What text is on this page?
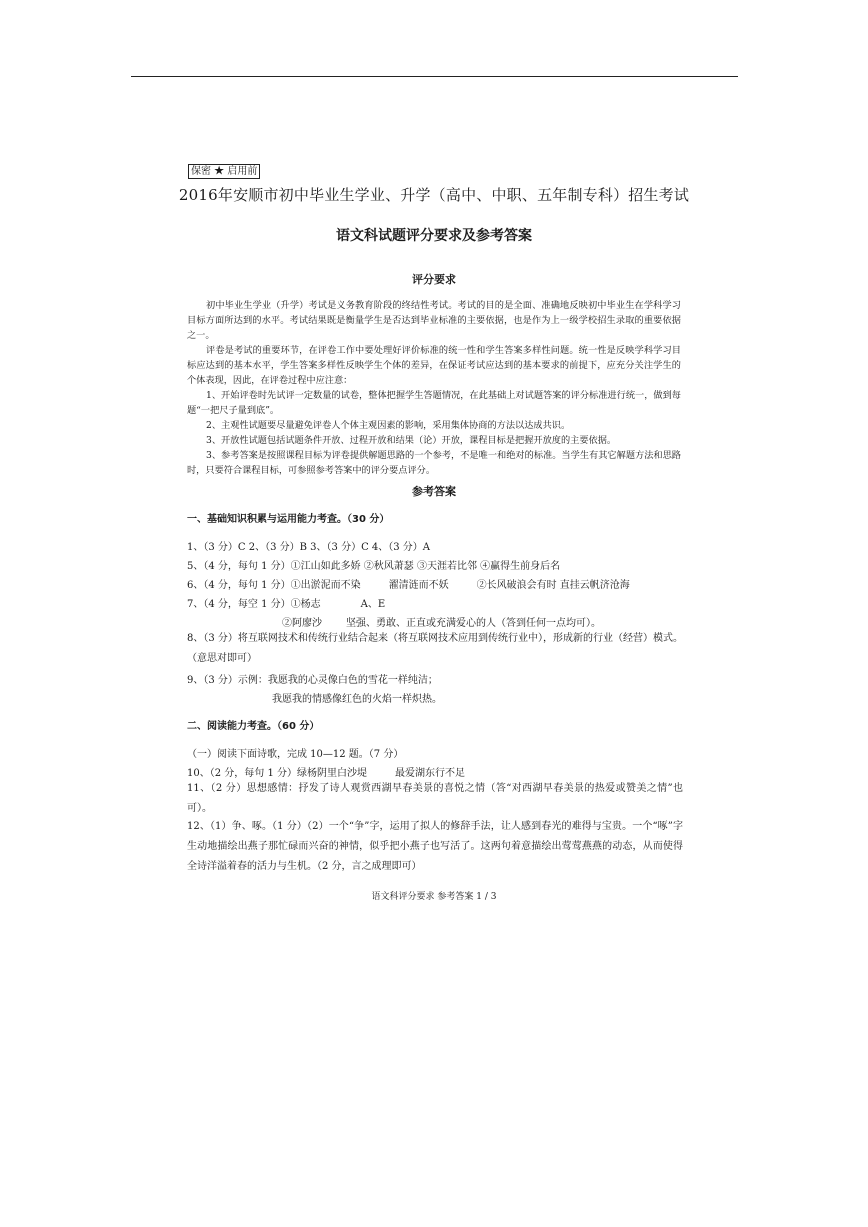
保密 ★ 启用前
2016年安顺市初中毕业生学业、升学（高中、中职、五年制专科）招生考试
语文科试题评分要求及参考答案
评分要求

初中毕业生学业（升学）考试是义务教育阶段的终结性考试。考试的目的是全面、准确地反映初中毕业生在学科学习目标方面所达到的水平。考试结果既是衡量学生是否达到毕业标准的主要依据，也是作为上一级学校招生录取的重要依据之一。

评卷是考试的重要环节，在评卷工作中要处理好评价标准的统一性和学生答案多样性问题。统一性是反映学科学习目标应达到的基本水平，学生答案多样性反映学生个体的差异，在保证考试应达到的基本要求的前提下，应充分关注学生的个体表现，因此，在评卷过程中应注意：

1、开始评卷时先试评一定数量的试卷，整体把握学生答题情况，在此基础上对试题答案的评分标准进行统一，做到每题“一把尺子量到底”。

2、主观性试题要尽量避免评卷人个体主观因素的影响，采用集体协商的方法以达成共识。

3、开放性试题包括试题条件开放、过程开放和结果（论）开放，课程目标是把握开放度的主要依据。

3、参考答案是按照课程目标为评卷提供解题思路的一个参考，不是唯一和绝对的标准。当学生有其它解题方法和思路时，只要符合课程目标，可参照参考答案中的评分要点评分。

参考答案
一、基础知识积累与运用能力考查。（30 分）
1、（3 分）C 2、（3 分）B 3、（3 分）C 4、（3 分）A
5、（4 分，每句 1 分）①江山如此多娇 ②秋风萧瑟 ③天涯若比邻 ④赢得生前身后名
6、（4 分，每句 1 分）①出淤泥而不染	濯清涟而不妖	②长风破浪会有时 直挂云帆济沧海
7、（4 分，每空 1 分）①杨志	A、E
②阿廖沙 坚强、勇敢、正直或充满爱心的人（答到任何一点均可）。

8、（3 分）将互联网技术和传统行业结合起来（将互联网技术应用到传统行业中），形成新的行业（经营）模式。（意思对即可）

9、（3 分）示例：我愿我的心灵像白色的雪花一样纯洁；
我愿我的情感像红色的火焰一样炽热。
二、阅读能力考查。（60 分）
（一）阅读下面诗歌，完成 10—12 题。（7 分）
10、（2 分，每句 1 分）绿杨阴里白沙堤	最爱湖东行不足

11、（2 分）思想感情：抒发了诗人观赏西湖早春美景的喜悦之情（答“对西湖早春美景的热爱或赞美之情”也可）。

12、（1）争、啄。（1 分）（2）一个“争”字，运用了拟人的修辞手法，让人感到春光的难得与宝贵。一个“啄”字生动地描绘出燕子那忙碌而兴奋的神情，似乎把小燕子也写活了。这两句着意描绘出莺莺燕燕的动态，从而使得全诗洋溢着春的活力与生机。（2 分，言之成理即可）

语文科评分要求 参考答案 1 / 3
